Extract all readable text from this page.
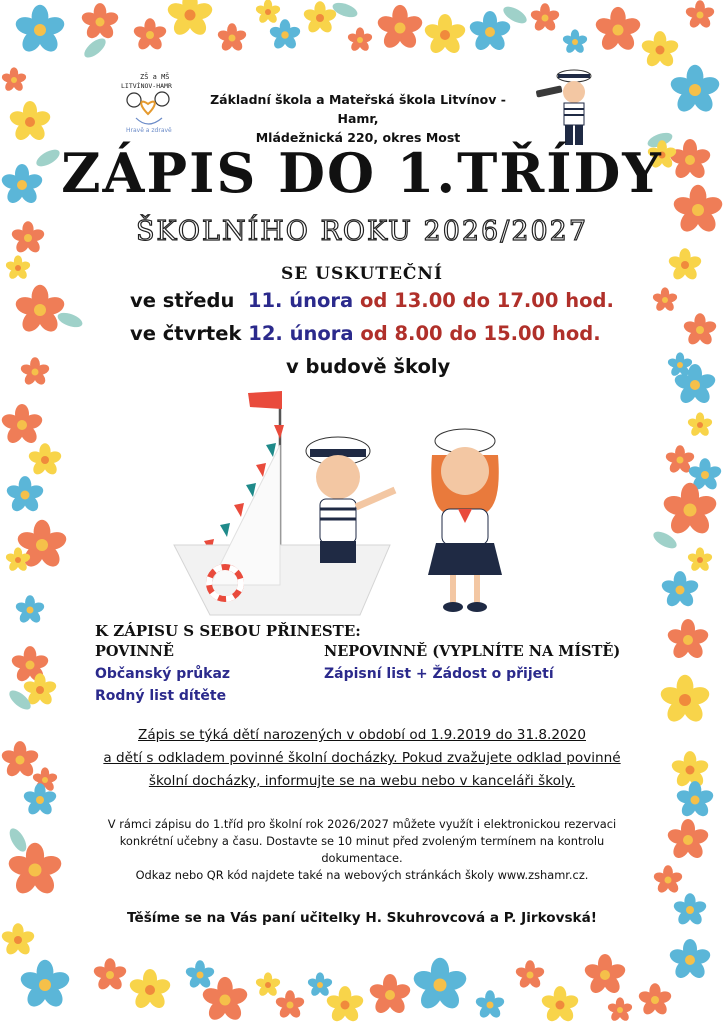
ZŠ a MŠ
LITVÍNOV-HAMR
Hravě a zdravě

Základní škola a Mateřská škola Litvínov - Hamr,
Mládežnická 220, okres Most

ZÁPIS DO 1.TŘÍDY
ŠKOLNÍHO ROKU 2026/2027

SE USKUTEČNÍ

ve středu 11. února od 13.00 do 17.00 hod.

ve čtvrtek 12. února od 8.00 do 15.00 hod.

v budově školy

K ZÁPISU S SEBOU PŘINESTE:

POVINNĚ

Občanský průkaz

Rodný list dítěte

NEPOVINNĚ (VYPLNÍTE NA MÍSTĚ)

Zápisní list + Žádost o přijetí

Zápis se týká dětí narozených v období od 1.9.2019 do 31.8.2020
a dětí s odkladem povinné školní docházky. Pokud zvažujete odklad povinné
školní docházky, informujte se na webu nebo v kanceláři školy.
V rámci zápisu do 1.tříd pro školní rok 2026/2027 můžete využít i elektronickou rezervaci
konkrétní učebny a času. Dostavte se 10 minut před zvoleným termínem na kontrolu
dokumentace.
Odkaz nebo QR kód najdete také na webových stránkách školy www.zshamr.cz.

Těšíme se na Vás paní učitelky H. Skuhrovcová a P. Jirkovská!
